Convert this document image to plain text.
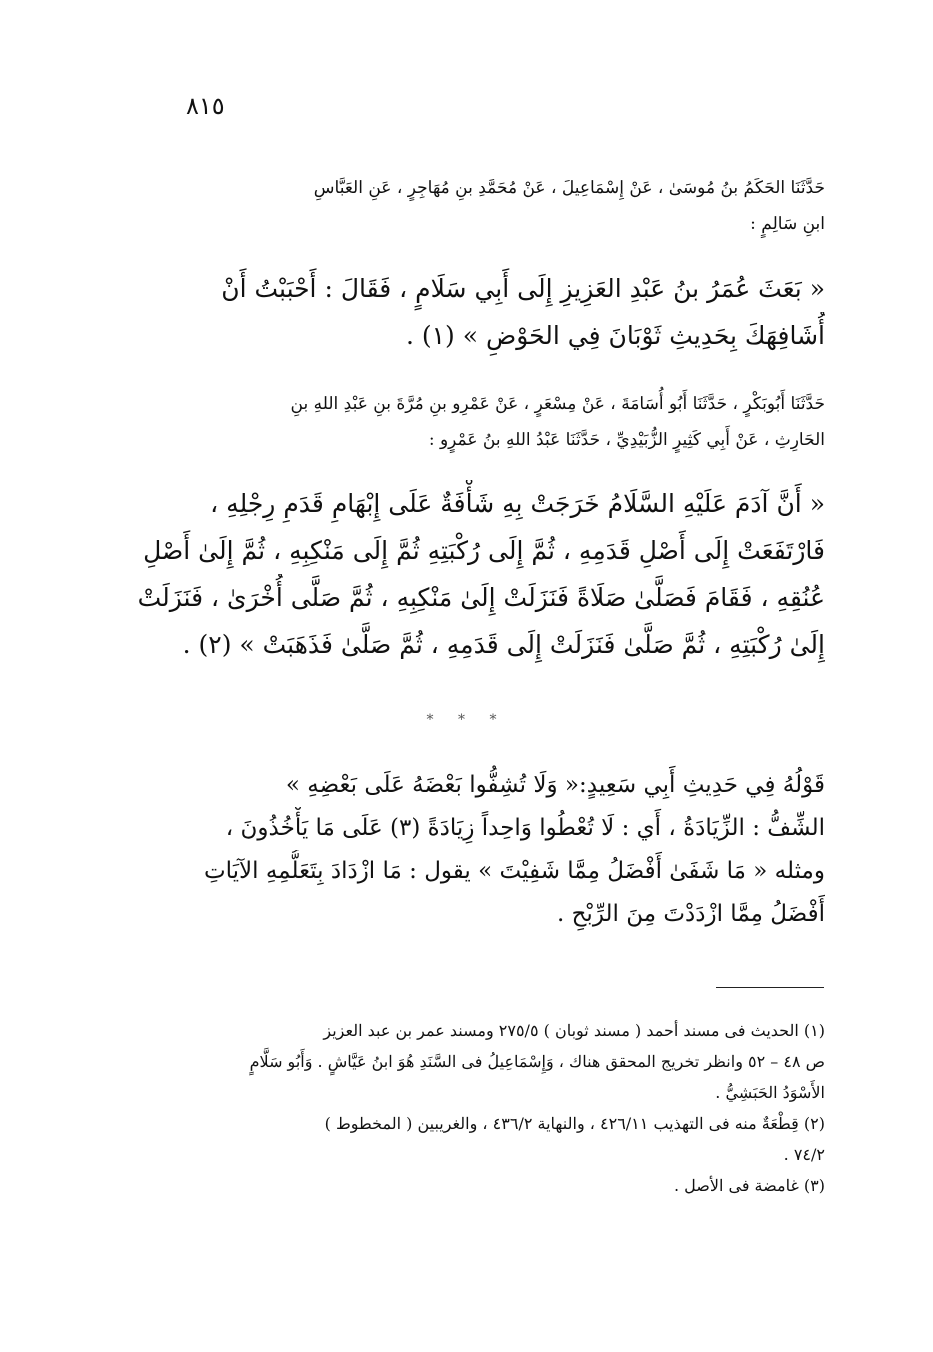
٨١٥
حَدَّثَنَا الحَكَمُ بنُ مُوسَىٰ ، عَنْ إِسْمَاعِيلَ ، عَنْ مُحَمَّدِ بنِ مُهَاجِرٍ ، عَنِ العَبَّاسِ
ابنِ سَالِمٍ :
« بَعَثَ عُمَرُ بنُ عَبْدِ العَزِيزِ إِلَى أَبِي سَلَامٍ ، فَقَالَ : أَحْبَبْتُ أَنْ
أُشَافِهَكَ بِحَدِيثِ ثَوْبَانَ فِي الحَوْضِ » (١) .
حَدَّثَنَا أَبُوبَكْرٍ ، حَدَّثَنَا أَبُو أُسَامَةَ ، عَنْ مِسْعَرٍ ، عَنْ عَمْرِو بنِ مُرَّةَ بنِ عَبْدِ اللهِ بنِ
الحَارِثِ ، عَنْ أَبِي كَثِيرٍ الزُّبَيْدِيِّ ، حَدَّثَنَا عَبْدُ اللهِ بنُ عَمْرٍو :
« أَنَّ آدَمَ عَلَيْهِ السَّلَامُ خَرَجَتْ بِهِ شَأْفَةٌ عَلَى إِبْهَامِ قَدَمِ رِجْلِهِ ،
فَارْتَفَعَتْ إِلَى أَصْلِ قَدَمِهِ ، ثُمَّ إِلَى رُكْبَتِهِ ثُمَّ إِلَى مَنْكِبِهِ ، ثُمَّ إِلَىٰ أَصْلِ
عُنُقِهِ ، فَقَامَ فَصَلَّىٰ صَلَاةً فَنَزَلَتْ إِلَىٰ مَنْكِبِهِ ، ثُمَّ صَلَّى أُخْرَىٰ ، فَنَزَلَتْ
إِلَىٰ رُكْبَتِهِ ، ثُمَّ صَلَّىٰ فَنَزَلَتْ إِلَى قَدَمِهِ ، ثُمَّ صَلَّىٰ فَذَهَبَتْ » (٢) .
* * *
قَوْلُهُ فِي حَدِيثِ أَبِي سَعِيدٍ:« وَلَا تُشِفُّوا بَعْضَهُ عَلَى بَعْضِهِ »
الشِّفُّ : الزِّيَادَةُ ، أَي : لَا تُعْطُوا وَاحِداً زِيَادَةً (٣) عَلَى مَا يَأْخُذُونَ ،
ومثله « مَا شَفَىٰ أَفْضَلُ مِمَّا شَفِيْتَ » يقول : مَا ازْدَادَ بِتَعَلُّمِهِ الآيَاتِ
أَفْضَلُ مِمَّا ازْدَدْتَ مِنَ الرِّبْحِ .
(١) الحديث فى مسند أحمد ( مسند ثوبان ) ٢٧٥/٥ ومسند عمر بن عبد العزيز
ص ٤٨ – ٥٢ وانظر تخريج المحقق هناك ، وَإِسْمَاعِيلُ فى السَّنَدِ هُوَ ابنُ عَيَّاشٍ . وَأَبُو سَلَّامٍ
الأَسْوَدُ الحَبَشِيُّ .
(٢) قِطْعَةٌ منه فى التهذيب ٤٢٦/١١ ، والنهاية ٤٣٦/٢ ، والغريبين ( المخطوط )
٧٤/٢ .
(٣) غامضة فى الأصل .
